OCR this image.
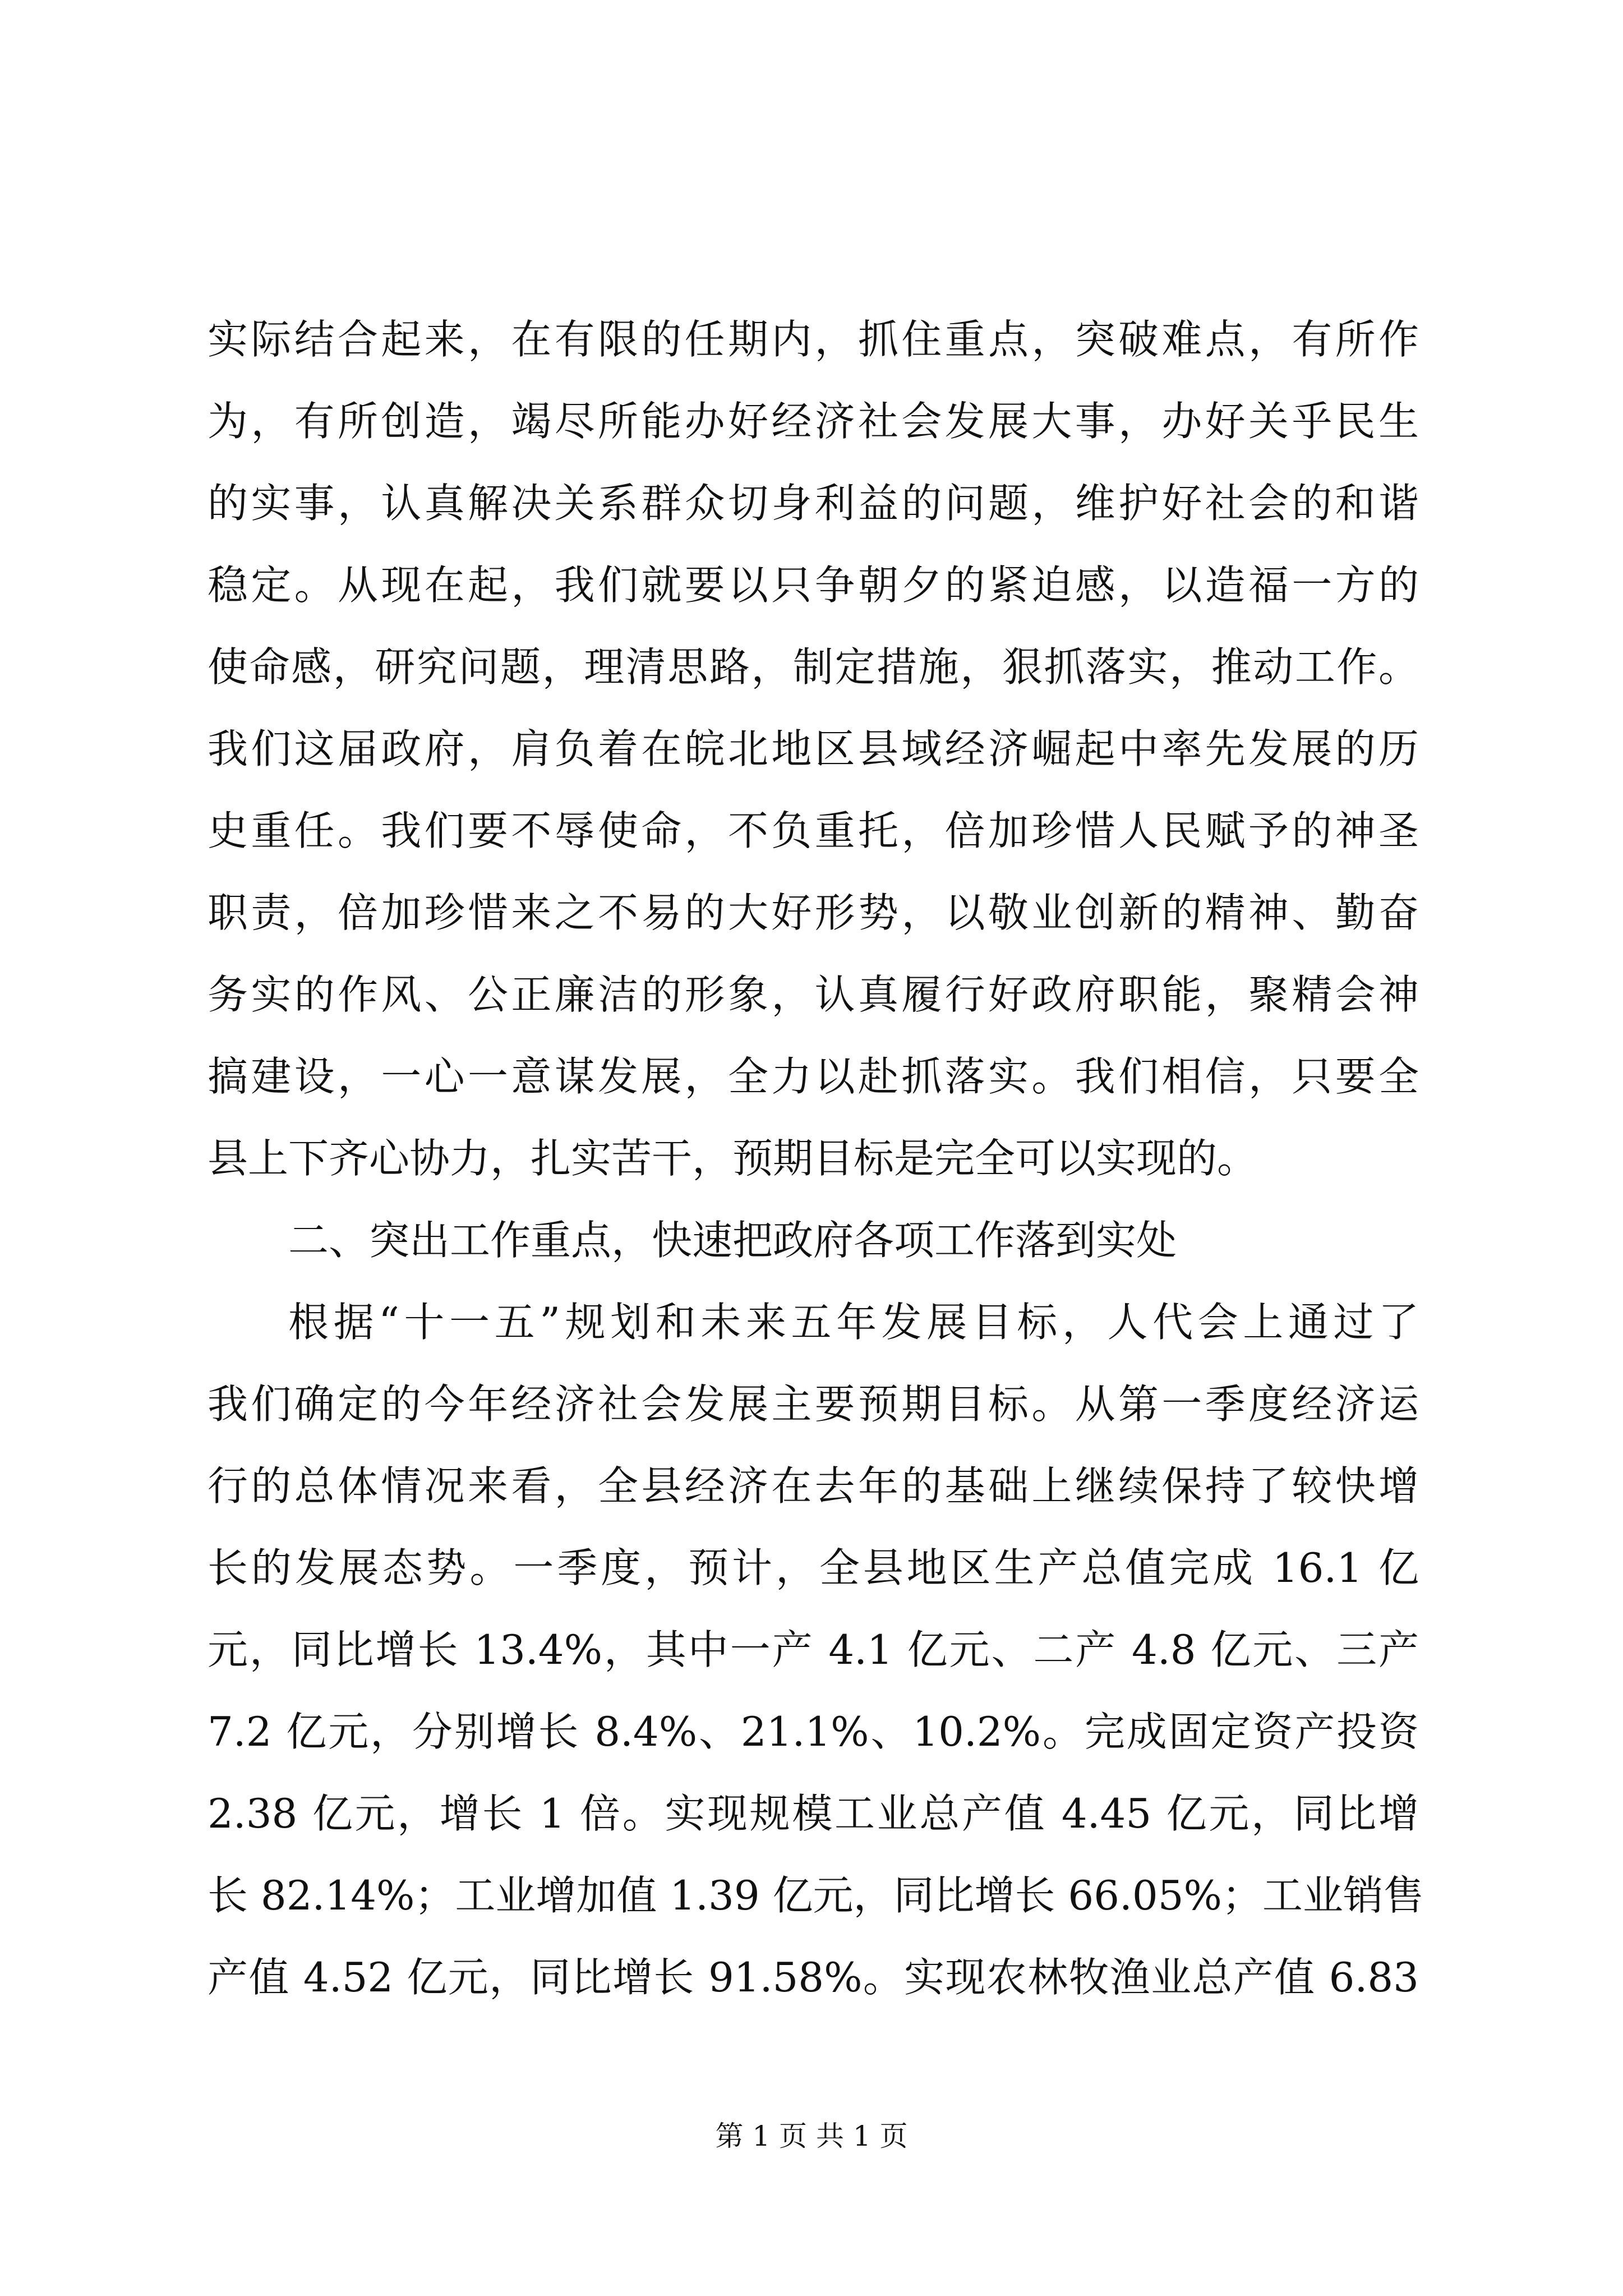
实际结合起来，在有限的任期内，抓住重点，突破难点，有所作
为，有所创造，竭尽所能办好经济社会发展大事，办好关乎民生
的实事，认真解决关系群众切身利益的问题，维护好社会的和谐
稳定。从现在起，我们就要以只争朝夕的紧迫感，以造福一方的
使命感，研究问题，理清思路，制定措施，狠抓落实，推动工作。
我们这届政府，肩负着在皖北地区县域经济崛起中率先发展的历
史重任。我们要不辱使命，不负重托，倍加珍惜人民赋予的神圣
职责，倍加珍惜来之不易的大好形势，以敬业创新的精神、勤奋
务实的作风、公正廉洁的形象，认真履行好政府职能，聚精会神
搞建设，一心一意谋发展，全力以赴抓落实。我们相信，只要全
县上下齐心协力，扎实苦干，预期目标是完全可以实现的。
二、突出工作重点，快速把政府各项工作落到实处
根据“十一五”规划和未来五年发展目标，人代会上通过了
我们确定的今年经济社会发展主要预期目标。从第一季度经济运
行的总体情况来看，全县经济在去年的基础上继续保持了较快增
长的发展态势。一季度，预计，全县地区生产总值完成 16.1 亿
元，同比增长 13.4%，其中一产 4.1 亿元、二产 4.8 亿元、三产
7.2 亿元，分别增长 8.4%、21.1%、10.2%。完成固定资产投资
2.38 亿元，增长 1 倍。实现规模工业总产值 4.45 亿元，同比增
长 82.14%；工业增加值 1.39 亿元，同比增长 66.05%；工业销售
产值 4.52 亿元，同比增长 91.58%。实现农林牧渔业总产值 6.83
第 1 页 共 1 页
